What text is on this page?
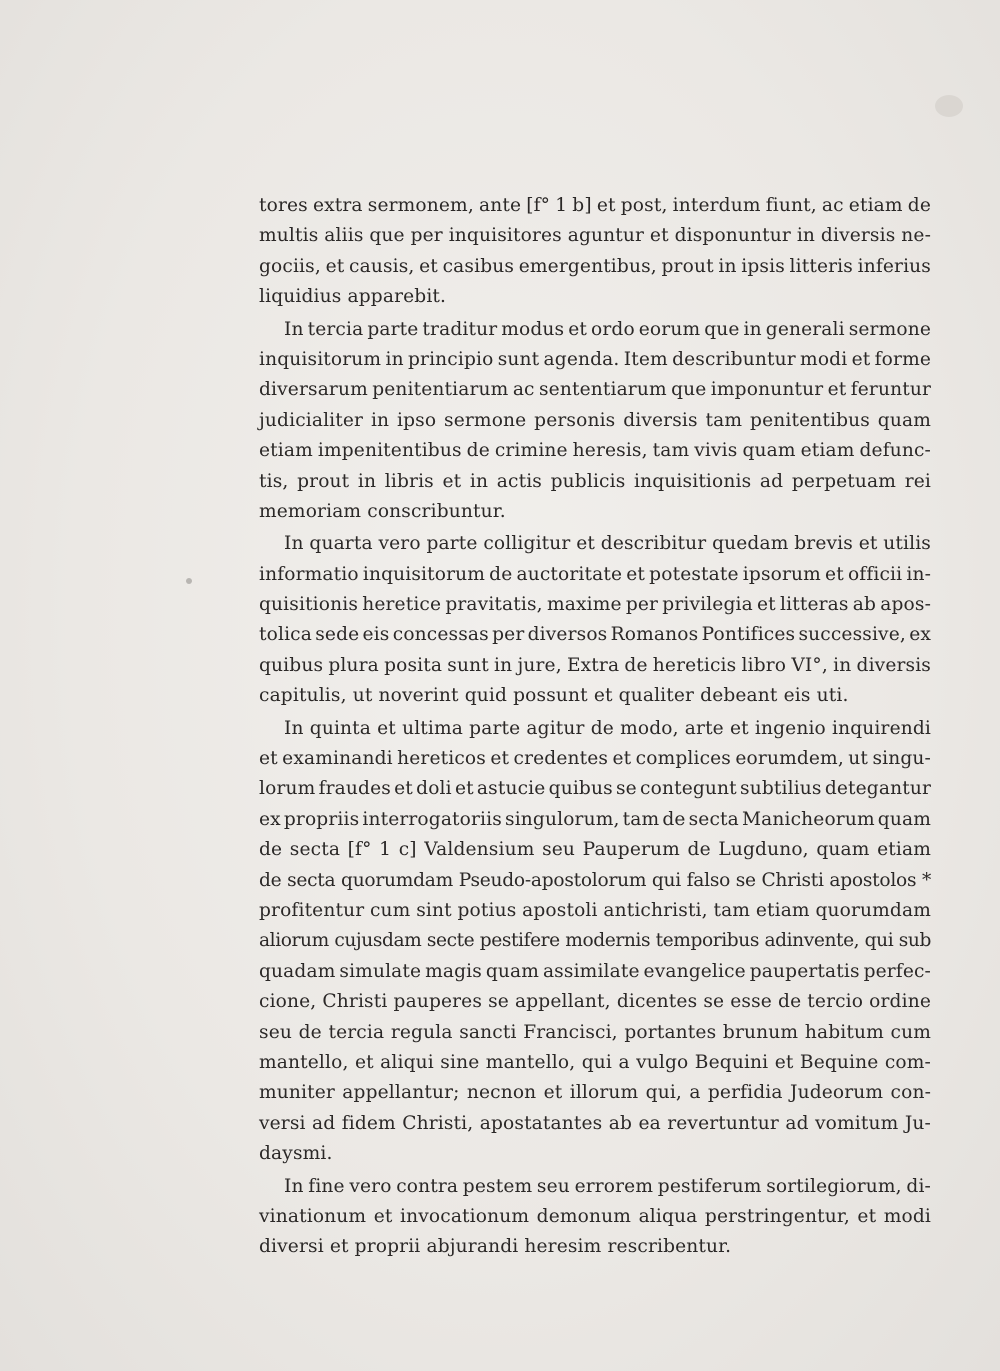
tores extra sermonem, ante [f° 1 b] et post, interdum fiunt, ac etiam de
multis aliis que per inquisitores aguntur et disponuntur in diversis ne-
gociis, et causis, et casibus emergentibus, prout in ipsis litteris inferius
liquidius apparebit.
In tercia parte traditur modus et ordo eorum que in generali sermone
inquisitorum in principio sunt agenda. Item describuntur modi et forme
diversarum penitentiarum ac sententiarum que imponuntur et feruntur
judicialiter in ipso sermone personis diversis tam penitentibus quam
etiam impenitentibus de crimine heresis, tam vivis quam etiam defunc-
tis, prout in libris et in actis publicis inquisitionis ad perpetuam rei
memoriam conscribuntur.
In quarta vero parte colligitur et describitur quedam brevis et utilis
informatio inquisitorum de auctoritate et potestate ipsorum et officii in-
quisitionis heretice pravitatis, maxime per privilegia et litteras ab apos-
tolica sede eis concessas per diversos Romanos Pontifices successive, ex
quibus plura posita sunt in jure, Extra de hereticis libro VI°, in diversis
capitulis, ut noverint quid possunt et qualiter debeant eis uti.
In quinta et ultima parte agitur de modo, arte et ingenio inquirendi
et examinandi hereticos et credentes et complices eorumdem, ut singu-
lorum fraudes et doli et astucie quibus se contegunt subtilius detegantur
ex propriis interrogatoriis singulorum, tam de secta Manicheorum quam
de secta [f° 1 c] Valdensium seu Pauperum de Lugduno, quam etiam
de secta quorumdam Pseudo-apostolorum qui falso se Christi apostolos *
profitentur cum sint potius apostoli antichristi, tam etiam quorumdam
aliorum cujusdam secte pestifere modernis temporibus adinvente, qui sub
quadam simulate magis quam assimilate evangelice paupertatis perfec-
cione, Christi pauperes se appellant, dicentes se esse de tercio ordine
seu de tercia regula sancti Francisci, portantes brunum habitum cum
mantello, et aliqui sine mantello, qui a vulgo Bequini et Bequine com-
muniter appellantur; necnon et illorum qui, a perfidia Judeorum con-
versi ad fidem Christi, apostatantes ab ea revertuntur ad vomitum Ju-
daysmi.
In fine vero contra pestem seu errorem pestiferum sortilegiorum, di-
vinationum et invocationum demonum aliqua perstringentur, et modi
diversi et proprii abjurandi heresim rescribentur.
